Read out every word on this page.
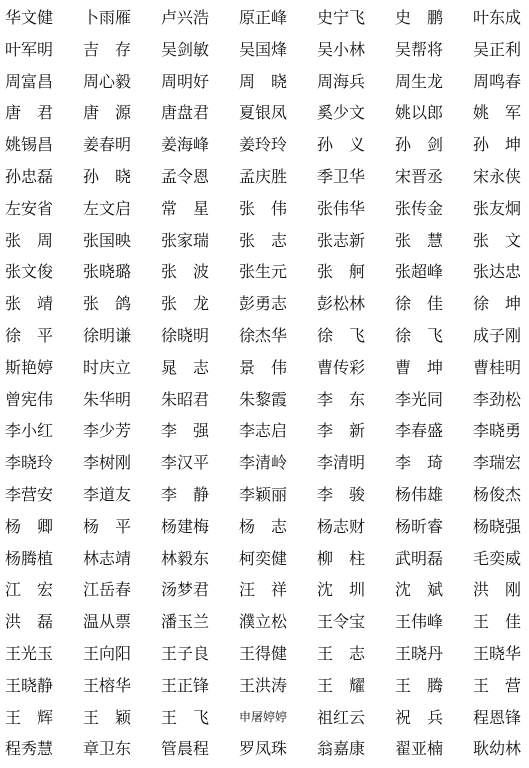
华文健 卜雨雁 卢兴浩 原正峰 史宁飞 史　鹏 叶东成
叶军明 吉　存 吴剑敏 吴国烽 吴小林 吴帮将 吴正利
周富昌 周心毅 周明好 周　晓 周海兵 周生龙 周鸣春
唐　君 唐　源 唐盘君 夏银凤 奚少文 姚以郎 姚　军
姚锡昌 姜春明 姜海峰 姜玲玲 孙　义 孙　剑 孙　坤
孙忠磊 孙　晓 孟令恩 孟庆胜 季卫华 宋晋丞 宋永侠
左安省 左文启 常　星 张　伟 张伟华 张传金 张友炯
张　周 张国映 张家瑞 张　志 张志新 张　慧 张　文
张文俊 张晓璐 张　波 张生元 张　舸 张超峰 张达忠
张　靖 张　鸽 张　龙 彭勇志 彭松林 徐　佳 徐　坤
徐　平 徐明谦 徐晓明 徐杰华 徐　飞 徐　飞 成子刚
斯艳婷 时庆立 晁　志 景　伟 曹传彩 曹　坤 曹桂明
曾宪伟 朱华明 朱昭君 朱黎霞 李　东 李光同 李劲松
李小红 李少芳 李　强 李志启 李　新 李春盛 李晓勇
李晓玲 李树刚 李汉平 李清岭 李清明 李　琦 李瑞宏
李营安 李道友 李　静 李颖丽 李　骏 杨伟雄 杨俊杰
杨　卿 杨　平 杨建梅 杨　志 杨志财 杨昕睿 杨晓强
杨腾植 林志靖 林毅东 柯奕健 柳　柱 武明磊 毛奕威
江　宏 江岳春 汤梦君 汪　祥 沈　圳 沈　斌 洪　刚
洪　磊 温从票 潘玉兰 濮立松 王令宝 王伟峰 王　佳
王光玉 王向阳 王子良 王得健 王　志 王晓丹 王晓华
王晓静 王榕华 王正锋 王洪涛 王　耀 王　腾 王　营
王　辉 王　颖 王　飞 申屠婷婷 祖红云 祝　兵 程恩锋
程秀慧 章卫东 管晨程 罗凤珠 翁嘉康 翟亚楠 耿幼林
